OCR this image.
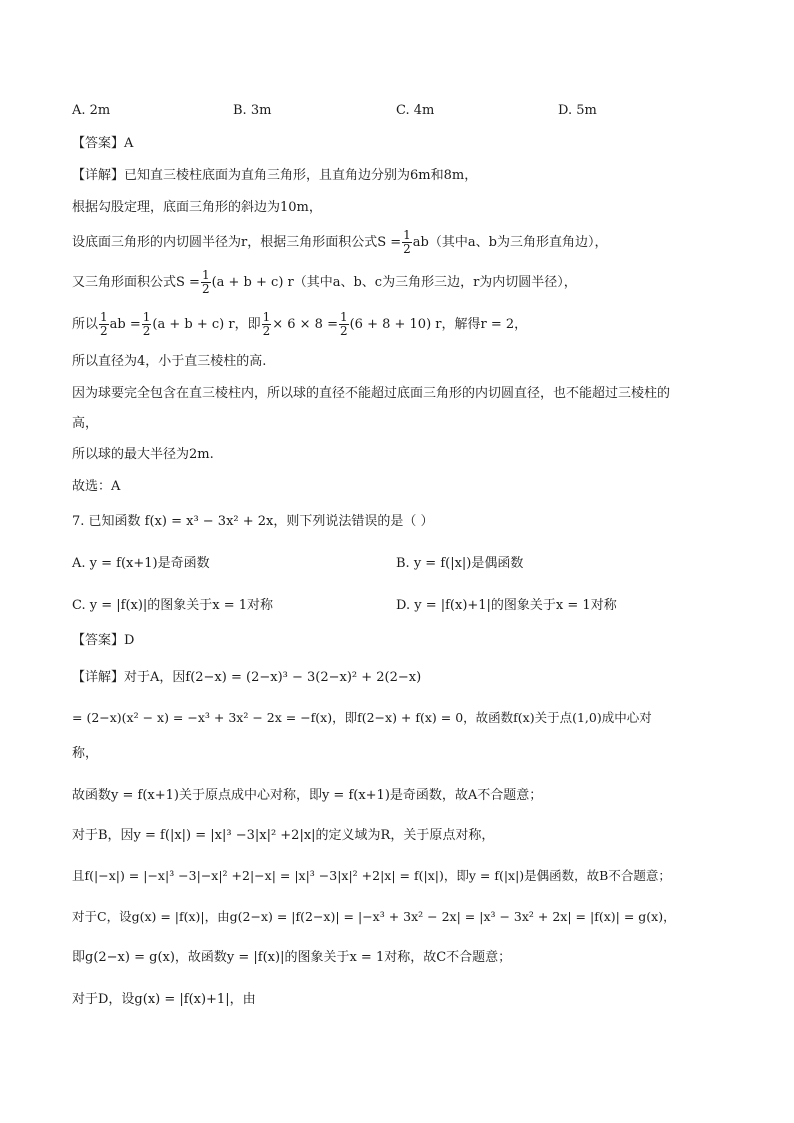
A. 2m	B. 3m	C. 4m	D. 5m
【答案】A
【详解】已知直三棱柱底面为直角三角形，且直角边分别为6m和8m，
根据勾股定理，底面三角形的斜边为10m，
设底面三角形的内切圆半径为r，根据三角形面积公式$S = \frac{1}{2} ab$（其中a、b为三角形直角边），
又三角形面积公式$S = \frac{1}{2} (a + b + c)$ r（其中a、b、c为三角形三边，r为内切圆半径），
所以 $\frac{1}{2}$ ab = $\frac{1}{2} (a + b + c)$ r，即 $\frac{1}{2} \times 6 \times 8 = \frac{1}{2} (6 + 8 + 10)$ r，解得r = 2，
所以直径为4，小于直三棱柱的高.
因为球要完全包含在直三棱柱内，所以球的直径不能超过底面三角形的内切圆直径，也不能超过三棱柱的
高，
所以球的最大半径为2m.
故选：A
7. 已知函数 f(x) = x³ − 3x² + 2x，则下列说法错误的是（ ）
A. y = f(x+1)是奇函数	B. y = f(|x|)是偶函数
C. y = |f(x)|的图象关于x = 1对称	D. y = |f(x)+1|的图象关于x = 1对称
【答案】D
【详解】对于A，因f(2−x) = (2−x)³ − 3(2−x)² + 2(2−x)
= (2−x)(x² − x) = −x³ + 3x² − 2x = −f(x)，即f(2−x) + f(x) = 0，故函数f(x)关于点(1,0)成中心对
称，
故函数y = f(x+1)关于原点成中心对称，即y = f(x+1)是奇函数，故A不合题意；
对于B，因y = f(|x|) = |x|³ −3|x|² +2|x|的定义域为R，关于原点对称，
且f(|−x|) = |−x|³ −3|−x|² +2|−x| = |x|³ −3|x|² +2|x| = f(|x|)，即y = f(|x|)是偶函数，故B不合题意；
对于C，设g(x) = |f(x)|，由g(2−x) = |f(2−x)| = |−x³ + 3x² − 2x| = |x³ − 3x² + 2x| = |f(x)| = g(x)，
即g(2−x) = g(x)，故函数y = |f(x)|的图象关于x = 1对称，故C不合题意；
对于D，设g(x) = |f(x)+1|，由
